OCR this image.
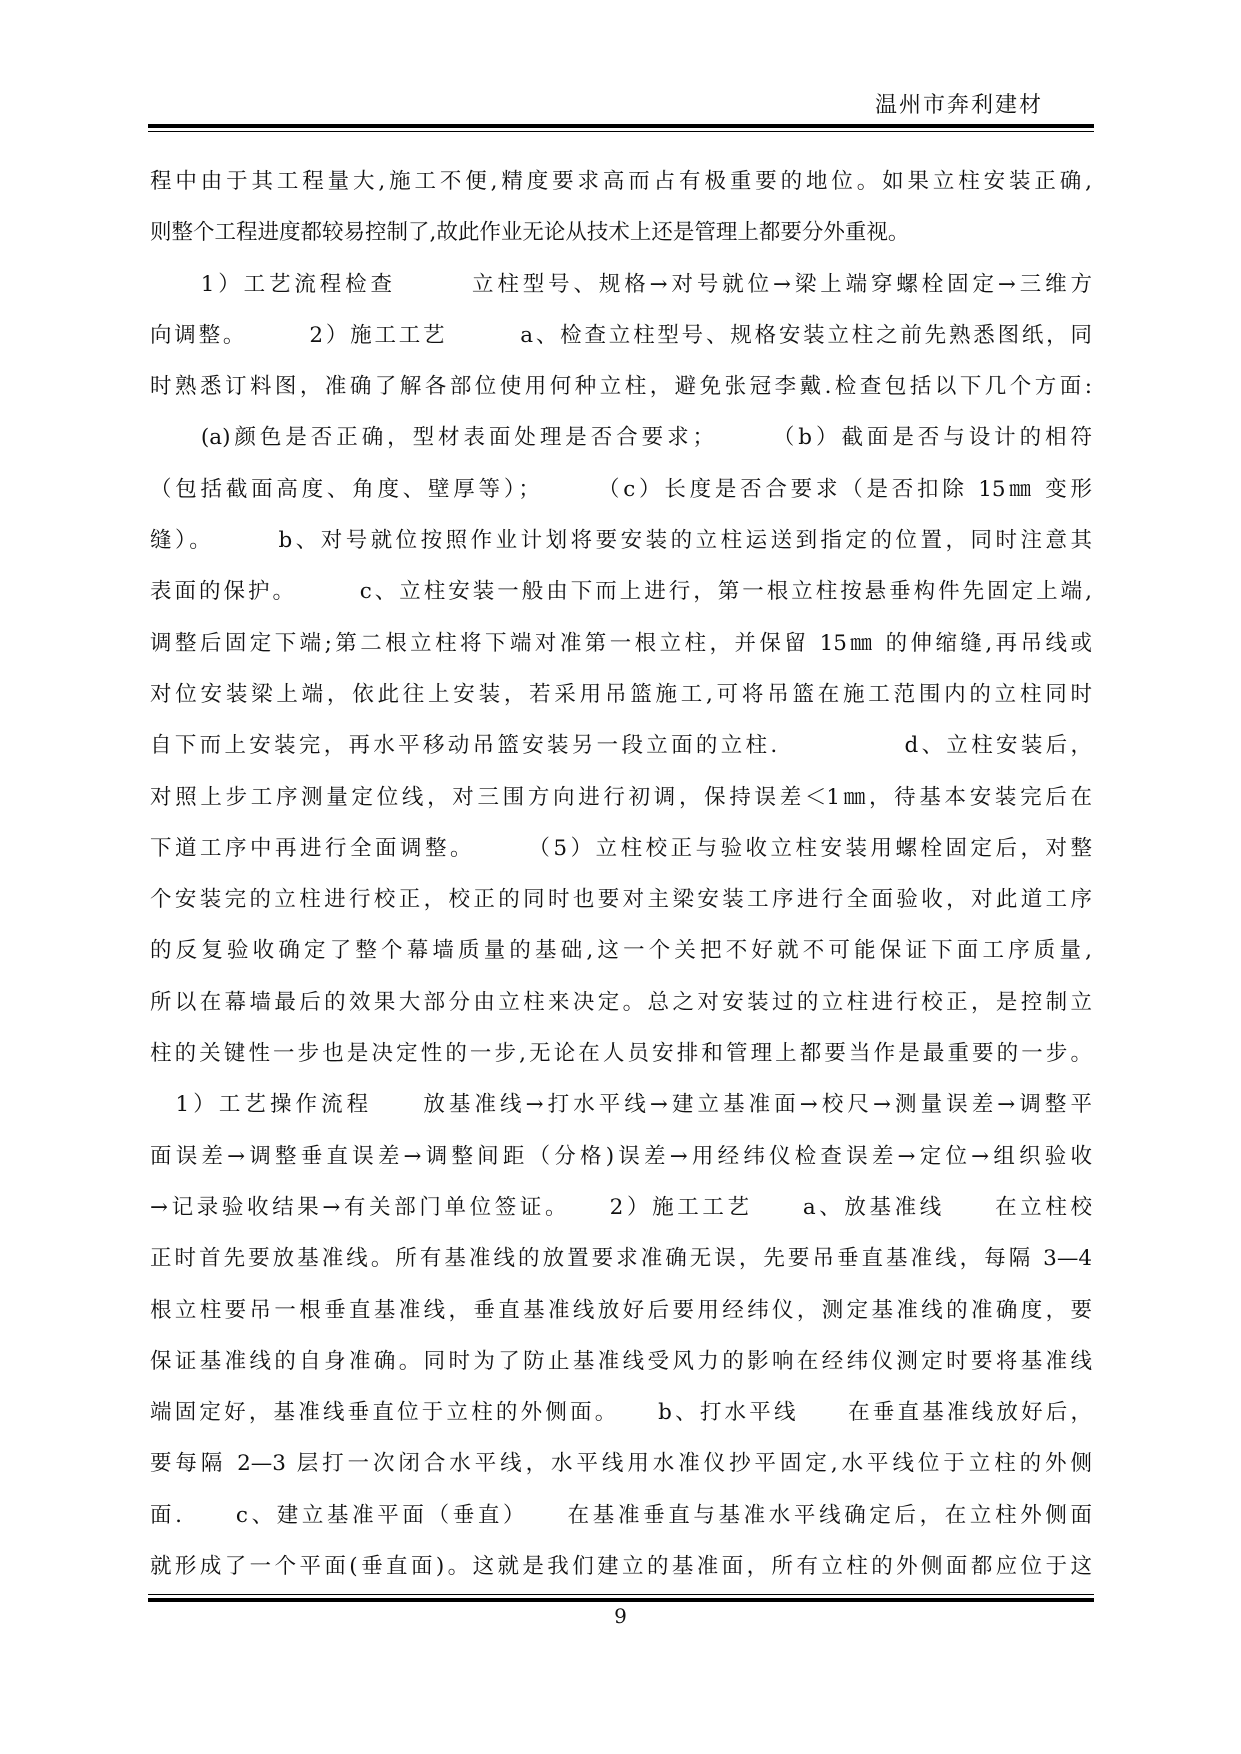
温州市奔利建材
程中由于其工程量大,施工不便,精度要求高而占有极重要的地位。如果立柱安装正确,
则整个工程进度都较易控制了,故此作业无论从技术上还是管理上都要分外重视。
　　1）工艺流程检查　　　立柱型号、规格→对号就位→梁上端穿螺栓固定→三维方
向调整。　　　2）施工工艺　　　a、检查立柱型号、规格安装立柱之前先熟悉图纸，同
时熟悉订料图，准确了解各部位使用何种立柱，避免张冠李戴.检查包括以下几个方面:
　　(a)颜色是否正确，型材表面处理是否合要求；　　　（b）截面是否与设计的相符
（包括截面高度、角度、壁厚等）；　　　（c）长度是否合要求（是否扣除 15㎜ 变形
缝）。　　　b、对号就位按照作业计划将要安装的立柱运送到指定的位置，同时注意其
表面的保护。　　　c、立柱安装一般由下而上进行，第一根立柱按悬垂构件先固定上端,
调整后固定下端;第二根立柱将下端对准第一根立柱，并保留 15㎜ 的伸缩缝,再吊线或
对位安装梁上端，依此往上安装，若采用吊篮施工,可将吊篮在施工范围内的立柱同时
自下而上安装完，再水平移动吊篮安装另一段立面的立柱.　　　　　d、立柱安装后，
对照上步工序测量定位线，对三围方向进行初调，保持误差＜1㎜，待基本安装完后在
下道工序中再进行全面调整。　　　（5）立柱校正与验收立柱安装用螺栓固定后，对整
个安装完的立柱进行校正，校正的同时也要对主梁安装工序进行全面验收，对此道工序
的反复验收确定了整个幕墙质量的基础,这一个关把不好就不可能保证下面工序质量,
所以在幕墙最后的效果大部分由立柱来决定。总之对安装过的立柱进行校正，是控制立
柱的关键性一步也是决定性的一步,无论在人员安排和管理上都要当作是最重要的一步。
　1）工艺操作流程　　放基准线→打水平线→建立基准面→校尺→测量误差→调整平
面误差→调整垂直误差→调整间距（分格)误差→用经纬仪检查误差→定位→组织验收
→记录验收结果→有关部门单位签证。　　2）施工工艺　　a、放基准线　　在立柱校
正时首先要放基准线。所有基准线的放置要求准确无误，先要吊垂直基准线，每隔 3—4
根立柱要吊一根垂直基准线，垂直基准线放好后要用经纬仪，测定基准线的准确度，要
保证基准线的自身准确。同时为了防止基准线受风力的影响在经纬仪测定时要将基准线
端固定好，基准线垂直位于立柱的外侧面。　　b、打水平线　　在垂直基准线放好后，
要每隔 2—3 层打一次闭合水平线，水平线用水准仪抄平固定,水平线位于立柱的外侧
面.　　c、建立基准平面（垂直）　　在基准垂直与基准水平线确定后，在立柱外侧面
就形成了一个平面(垂直面)。这就是我们建立的基准面，所有立柱的外侧面都应位于这
9
